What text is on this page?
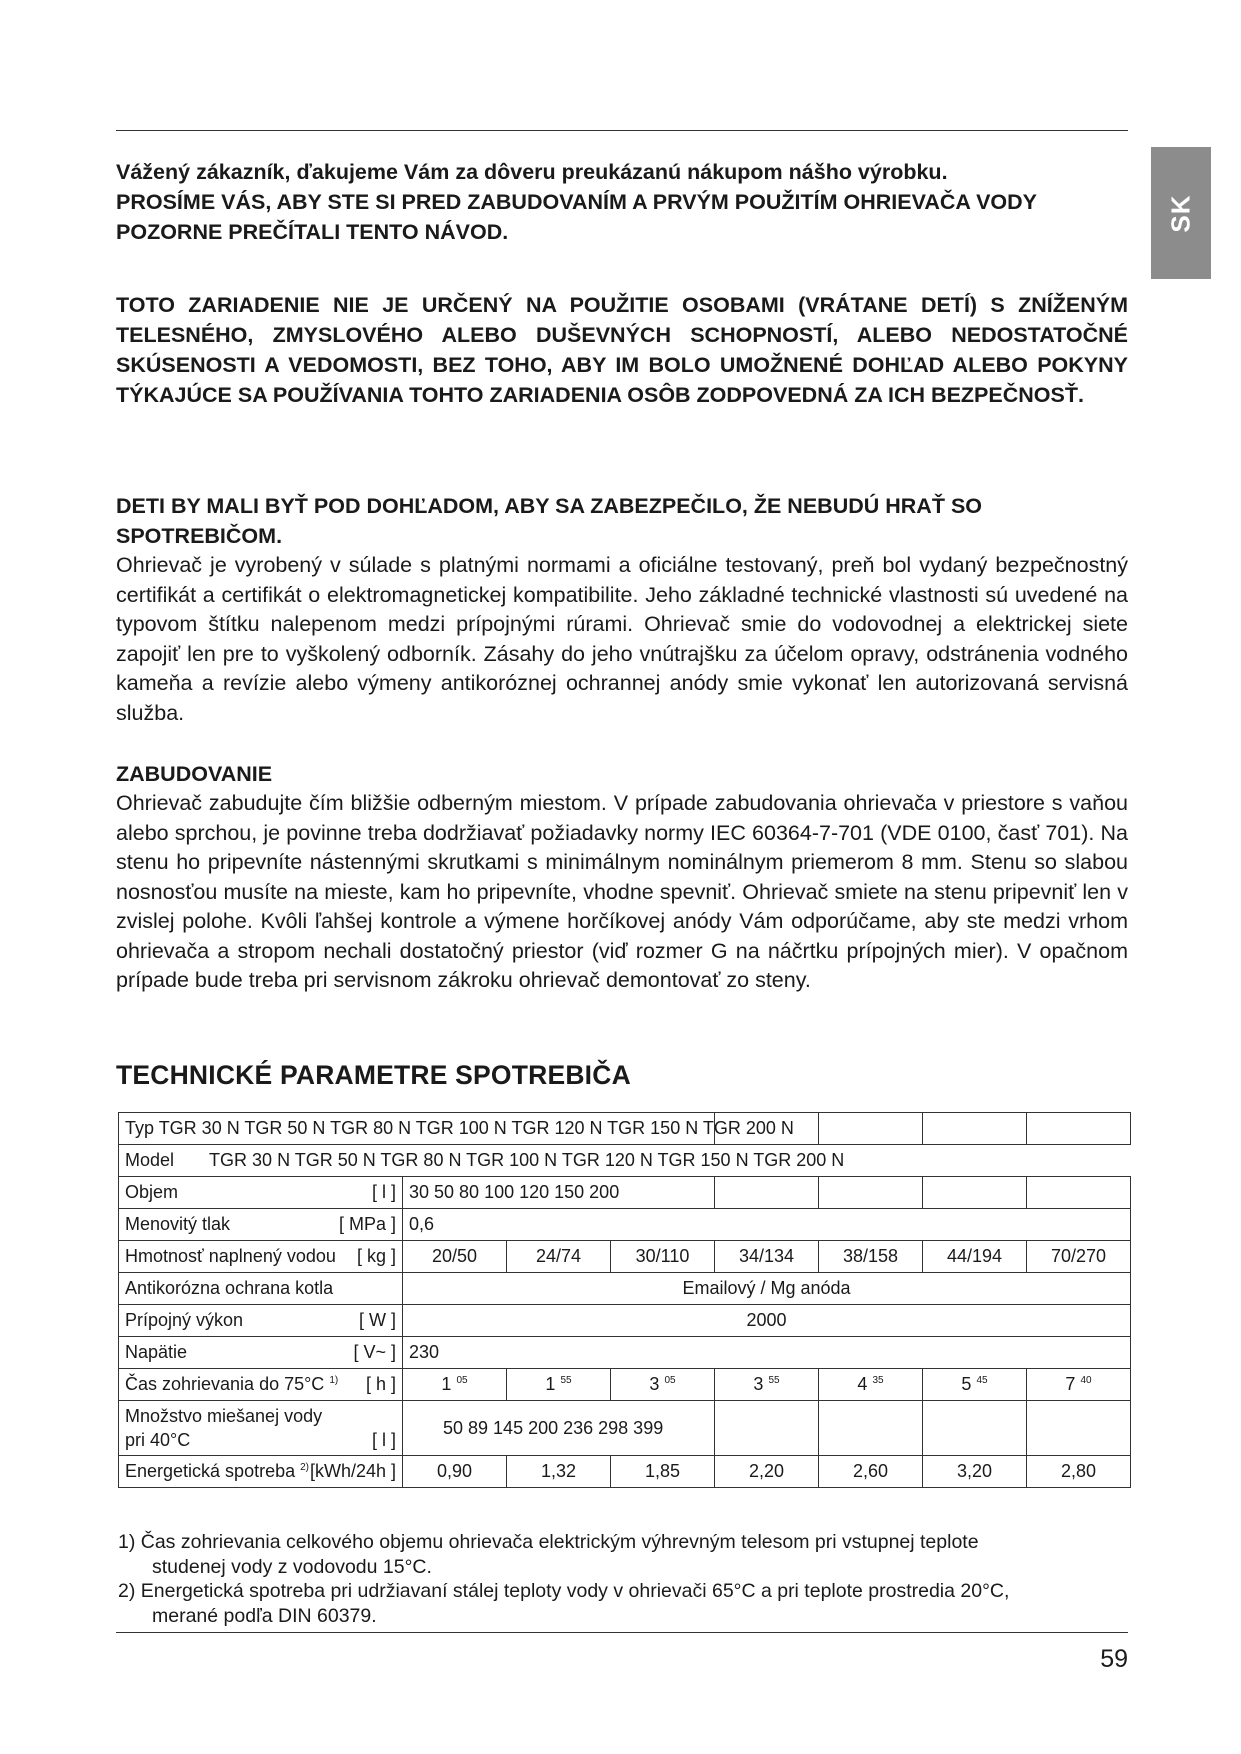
SK

Vážený zákazník, ďakujeme Vám za dôveru preukázanú nákupom nášho výrobku.

PROSÍME VÁS, ABY STE SI PRED ZABUDOVANÍM A PRVÝM POUŽITÍM OHRIEVAČA VODY POZORNE PREČÍTALI TENTO NÁVOD.

TOTO ZARIADENIE NIE JE URČENÝ NA POUŽITIE OSOBAMI (VRÁTANE DETÍ) S ZNÍŽENÝM TELESNÉHO, ZMYSLOVÉHO ALEBO DUŠEVNÝCH SCHOPNOSTÍ, ALEBO NEDOSTATOČNÉ SKÚSENOSTI A VEDOMOSTI, BEZ TOHO, ABY IM BOLO UMOŽNENÉ DOHĽAD ALEBO POKYNY TÝKAJÚCE SA POUŽÍVANIA TOHTO ZARIADENIA OSÔB ZODPOVEDNÁ ZA ICH BEZPEČNOSŤ.
DETI BY MALI BYŤ POD DOHĽADOM, ABY SA ZABEZPEČILO, ŽE NEBUDÚ HRAŤ SO SPOTREBIČOM.
Ohrievač je vyrobený v súlade s platnými normami a oficiálne testovaný, preň bol vydaný bezpečnostný certifikát a certifikát o elektromagnetickej kompatibilite. Jeho základné technické vlastnosti sú uvedené na typovom štítku nalepenom medzi prípojnými rúrami. Ohrievač smie do vodovodnej a elektrickej siete zapojiť len pre to vyškolený odborník. Zásahy do jeho vnútrajšku za účelom opravy, odstránenia vodného kameňa a revízie alebo výmeny antikoróznej ochrannej anódy smie vykonať len autorizovaná servisná služba.

ZABUDOVANIE

Ohrievač zabudujte čím bližšie odberným miestom. V prípade zabudovania ohrievača v priestore s vaňou alebo sprchou, je povinne treba dodržiavať požiadavky normy IEC 60364-7-701 (VDE 0100, časť 701). Na stenu ho pripevníte nástennými skrutkami s minimálnym nominálnym priemerom 8 mm. Stenu so slabou nosnosťou musíte na mieste, kam ho pripevníte, vhodne spevniť. Ohrievač smiete na stenu pripevniť len v zvislej polohe. Kvôli ľahšej kontrole a výmene horčíkovej anódy Vám odporúčame, aby ste medzi vrhom ohrievača a stropom nechali dostatočný priestor (viď rozmer G na náčrtku prípojných mier). V opačnom prípade bude treba pri servisnom zákroku ohrievač demontovať zo steny.
TECHNICKÉ PARAMETRE SPOTREBIČA
Typ TGR 30 N TGR 50 N TGR 80 N TGR 100 N TGR 120 N TGR 150 N TGR 200 N							
Model TGR 30 N TGR 50 N TGR 80 N TGR 100 N TGR 120 N TGR 150 N TGR 200 N							
Objem [ l ]	30 50 80 100 120 150 200						
Menovitý tlak [ MPa ]	0,6						
Hmotnosť naplnený vodou [ kg ]	20/50	24/74	30/110	34/134	38/158	44/194	70/270
Antikorózna ochrana kotla	Emailový / Mg anóda						
Prípojný výkon [ W ]	2000						
Napätie [ V~ ]	230						
Čas zohrievania do 75°C $^{1)}$ [ h ]	1 $^{05}$	1 $^{55}$	3 $^{05}$	3 $^{55}$	4 $^{35}$	5 $^{45}$	7 $^{40}$

Množstvo miešanej vody
pri 40°C [ l ]	50 89 145 200 236 298 399						
Energetická spotreba $^{2)}$ [kWh/24h ]	0,90	1,32	1,85	2,20	2,60	3,20	2,80

1) Čas zohrievania celkového objemu ohrievača elektrickým výhrevným telesom pri vstupnej teplote

studenej vody z vodovodu 15°C.

2) Energetická spotreba pri udržiavaní stálej teploty vody v ohrievači 65°C a pri teplote prostredia 20°C,

merané podľa DIN 60379.

59
